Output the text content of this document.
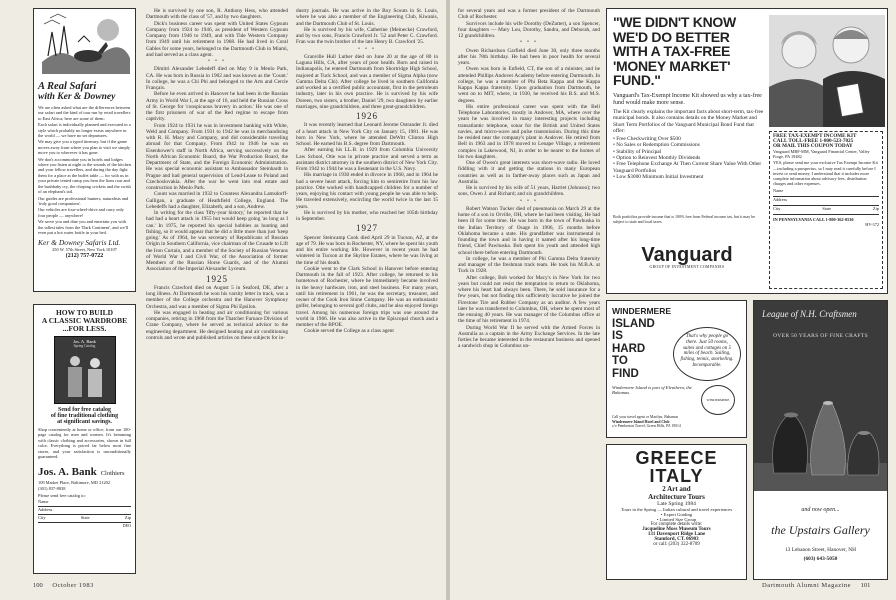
A Real Safari
with Ker & Downey
We are often asked what are the differences between our safari and the kind of tour run by retail travellers to East Africa; here are some of them:
Each safari is individually planned and executed in a style which probably no longer exists anywhere in the world — we have no set departures.
We may give you a typed itinerary, but if the game moves away from where you plan to visit we simply move you to wherever it has gone.
We don't accommodate you in hotels and lodges where you listen at night to the sounds of the kitchen and your fellow travellers, and during the day fight them for a place at the buffet table — for with us in your private tented camp you hear the lions roar and the bushbaby cry, the chirping crickets and the swish of an elephant's tail.
Our guides are professional hunters, naturalists and 'truly good companions'.
Our vehicles are four-wheel-drive and carry only four people — anywhere!
We serve you and dine you and entertain you with the tallest tales from the 'Dark Continent', and we'll even put a hot water bottle in your bed.
Ker & Downey Safaris Ltd.
250 W. 57th Street, New York 10107
(212) 757-0722
HOW TO BUILD
A CLASSIC WARDROBE
...FOR LESS.
Jos. A. Bank
Spring Catalog
Send for free catalog
of fine traditional clothing
at significant savings.
Shop conveniently at home or office, from our 100-page catalog for men and women. It's brimming with classic clothing and accessories, shown in full color. Everything is priced far below most fine stores, and your satisfaction is unconditionally guaranteed.
Jos. A. Bank Clothiers
109 Market Place, Baltimore, MD 21202
(301) 837-8838
Please send free catalog to:
Name
Address
City	State	Zip
DEO

He is survived by one son, R. Anthony Hess, who attended Dartmouth with the class of '57, and by two daughters.

Dick's business career was spent with United States Gypsum Company from 1924 to 1946, as president of Western Gypsum Company from 1946 to 1949, and with Tide Western Company from 1949 until his retirement in 1968. He had lived in Coral Gables for some years, belonged to the Dartmouth Club in Miami, and had served as a class agent.

• • •

Dimitri Alexander Lebedeff died on May 9 in Menlo Park, CA. He was born in Russia in 1902 and was known as the 'Count.' In college, he was a Chi Phi and belonged to the Arts and Cercle Français.

Before he even arrived in Hanover he had been in the Russian Army in World War I, at the age of 16, and held the Russian Cross of St. George for 'conspicuous bravery in action.' He was one of the first prisoners of war of the Red regime to escape from captivity.

From 1924 to 1931 he was in investment banking with White, Weld and Company. From 1931 to 1942 he was in merchandising with R. H. Macy and Company, and did considerable traveling abroad for that Company. From 1942 to 1946 he was on Eisenhower's staff in North Africa, serving successively on the North African Economic Board, the War Production Board, the Department of State, and the Foreign Economic Administration. He was special economic assistant to Ambassador Steinhardt in Prague and had general supervision of Lend-Lease to Poland and Czechoslovakia. After the war he went into real estate and construction in Menlo Park.

Count was married in 1932 to Countess Alexandra Lamsdorff-Galligan, a graduate of Heathfield College, England. The Lebedeffs had a daughter, Elizabeth, and a son, Andrew.

In writing for the class 'fifty-year history,' he reported that he had had a heart attack in 1955 but would keep going 'as long as I can.' In 1975, he reported his special hobbies as hunting and fishing, so it would appear that he did a little more than just 'keep going.' As of 1964, he was secretary of Republicans of Russian Origin in Southern California, vice chairman of the Crusade to Lift the Iron Curtain, and a member of the Society of Russian Veterans of World War I and Civil War, of the Association of former Members of the Russian Horse Guards, and of the Alumni Association of the Imperial Alexander Lyceum.

1925

Francis Crawford died on August 5 in Seaford, DE, after a long illness. At Dartmouth he won his varsity letter in track, was a member of the College orchestra and the Hanover Symphony Orchestra, and was a member of Sigma Phi Epsilon.

He was engaged in heating and air conditioning for various companies, retiring in 1968 from the Thatcher Furnace Division of Crane Company, where he served as technical advisor to the engineering department. He designed heating and air conditioning controls and wrote and published articles on these subjects for in-

dustry journals. He was active in the Boy Scouts in St. Louis, where he was also a member of the Engineering Club, Kiwanis, and the Dartmouth Club of St. Louis.

He is survived by his wife, Catherine (Meinecke) Crawford, and by two sons, Francis Crawford Jr. '52 and Peter C. Crawford. Fran was the twin brother of the late Henry B. Crawford '25.

• • •

Granville Hull Luther died on June 20 at the age of 80 in Laguna Hills, CA, after years of poor health. Born and raised in Indianapolis, he entered Dartmouth from Shortridge High School, majored at Tuck School, and was a member of Sigma Alpha (now Gamma Delta Chi). After college he lived in southern California and worked as a certified public accountant, first in the petroleum industry, later in his own practice. He is survived by his wife Doreen, two sisters, a brother, Daniel '29, two daughters by earlier marriages, nine grandchildren, and three great-grandchildren.

1926

It was recently learned that Leonard Jerome Ostrander Jr. died of a heart attack in New York City on January 15, 1981. He was born in New York, where he attended DeWitt Clinton High School. He earned his B.S. degree from Dartmouth.

After earning his LL.B. in 1929 from Columbia University Law School, Otie was in private practice and served a term as assistant district attorney in the southern district of New York City. From 1942 to 1944 he was a lieutenant in the U.S. Navy.

His marriage in 1930 ended in divorce in 1960, and in 1964 he had a severe heart attack, forcing him to semiretire from his law practice. Otie worked with handicapped children for a number of years, enjoying his contact with young people he was able to help. He traveled extensively, encircling the world twice in the last 15 years.

He is survived by his mother, who reached her 105th birthday in September.

1927

Spencer Steincamp Cook died April 29 in Tucson, AZ, at the age of 79. He was born in Rochester, NY, where he spent his youth and his entire working life. However in recent years he had wintered in Tucson at the Skyline Estates, where he was living at the time of his death.

Cookie went to the Clark School in Hanover before entering Dartmouth in the fall of 1923. After college, he returned to his hometown of Rochester, where he immediately became involved in the heavy hardware, iron, and steel business. For many years, until his retirement in 1961, he was the secretary, treasurer, and owner of the Cook Iron Stone Company. He was an enthusiastic golfer, belonging to several golf clubs, and he also enjoyed foreign travel. Among his numerous foreign trips was one around the world in 1966. He was also active in the Episcopal church and a member of the BPOE.

Cookie served the College as a class agent

100 October 1983

for several years and was a former president of the Dartmouth Club of Rochester.

Survivors include his wife Dorothy (DeZutter), a son Spencer, four daughters — Mary Lou, Dorothy, Sandra, and Deborah, and 12 grandchildren.

• • •

Owen Richardson Garfield died June 30, only three months after his 78th birthday. He had been in poor health for several years.

Owen was born in Enfield, CT, the son of a minister, and he attended Phillips Andover Academy before entering Dartmouth. In college, he was a member of Phi Beta Kappa and the Kappa Kappa Kappa fraternity. Upon graduation from Dartmouth, he went on to MIT, where, in 1930, he received his B.S. and M.S. degrees.

His entire professional career was spent with the Bell Telephone Laboratories, mostly in Andover, MA, where over the years he was involved in many interesting projects including transatlantic telephone, sonar for the British and United States navies, and micro-wave and pulse transmission. During this time he resided near the company's plant in Andover. He retired from Bell in 1963 and in 1978 moved to Lenape Village, a retirement complex in Lakewood, NJ, in order to be nearer to the homes of his two daughters.

One of Owen's great interests was short-wave radio. He loved fiddling with it and getting the stations in many European countries as well as in farther-away places such as Japan and Australia.

He is survived by his wife of 51 years, Harriet (Johnson); two sons, Owen J. and Richard; and six grandchildren.

• • •

Robert Watson Tucker died of pneumonia on March 29 at the home of a son in Orville, OH, where he had been visiting. He had been ill for some time. He was born in the town of Pawhuska in the Indian Territory of Osage in 1906, 15 months before Oklahoma became a state. His grandfather was instrumental in founding the town and in having it named after his long-time friend, Chief Pawhuska. Bob spent his youth and attended high school there before entering Dartmouth.

In college, he was a member of Phi Gamma Delta fraternity and manager of the freshman track team. He took his M.B.A. at Tuck in 1928.

After college, Bob worked for Macy's in New York for two years but could not resist the temptation to return to Oklahoma, where his heart had always been. There, he sold insurance for a few years, but not finding this sufficiently lucrative he joined the Firestone Tire and Rubber Company as an auditor. A few years later he was transferred to Columbus, OH, where he spent most of the ensuing 40 years. He was manager of the Columbus office at the time of his retirement in 1974.

During World War II he served with the Armed Forces in Australia as a captain in the Army Exchange Services. In the late forties he became interested in the restaurant business and opened a sandwich shop in Columbus un-

"WE DIDN'T KNOW
WE'D DO BETTER
WITH A TAX-FREE
'MONEY MARKET'
FUND."
Vanguard's Tax-Exempt Income Kit showed us why a tax-free fund would make more sense.
The Kit clearly explains the important facts about short-term, tax-free municipal bonds. It also contains details on the Money Market and Short Term Portfolios of the Vanguard Municipal Bond Fund that offer:
• Free Checkwriting Over $500
• No Sales or Redemption Commissions
• Stability of Principal
• Option to Reinvest Monthly Dividends
• Free Telephone Exchange At Then Current Share Value With Other Vanguard Portfolios
• Low $3000 Minimum Initial Investment
Both portfolios provide income that is 100% free from Federal income tax, but it may be subject to state and local taxes.
Vanguard
GROUP OF INVESTMENT COMPANIES
FREE TAX-EXEMPT INCOME KIT
CALL TOLL-FREE 1-800-523-7025
OR MAIL THIS COUPON TODAY
Vanguard MBF-MM, Vanguard Financial Center, Valley Forge, PA 19482
YES, please send me your exclusive Tax Exempt Income Kit—including a prospectus, so I may read it carefully before I invest or send money. I understand that it includes more complete information about advisory fees, distribution charges and other expenses.
Name
Address
City	State	Zip
IN PENNSYLVANIA CALL 1-800-362-0530
HV-372
WINDERMERE
ISLAND
IS
HARD
TO
FIND
That's why people go there. Just 50 rooms, suites and cottages on 5 miles of beach. Sailing, fishing, tennis, snorkeling. Incomparable.
WINDERMERE
Windermere Island is part of Eleuthera, the Bahamas.
Call your travel agent or Marilyn, Bahamas
Windermere Island Hotel and Club
c/o Pemberton Travel, Green Hills, PA 19014
GREECE
ITALY
2 Art and
Architecture Tours
Late Spring 1984
Tours in the Spring — Italian cultural and travel experiences
• Expert Guiding
• Limited Size Group
For complete details write:
Jacqueline Moss Museum Tours
131 Davenport Ridge Lane
Stamford, CT. 06903
or call: (203) 322-8709
League of N.H. Craftsmen
OVER 50 YEARS OF FINE CRAFTS
and now open...
the Upstairs Gallery
13 Lebanon Street, Hanover, NH
(603) 643-5050
Dartmouth Alumni Magazine 101
